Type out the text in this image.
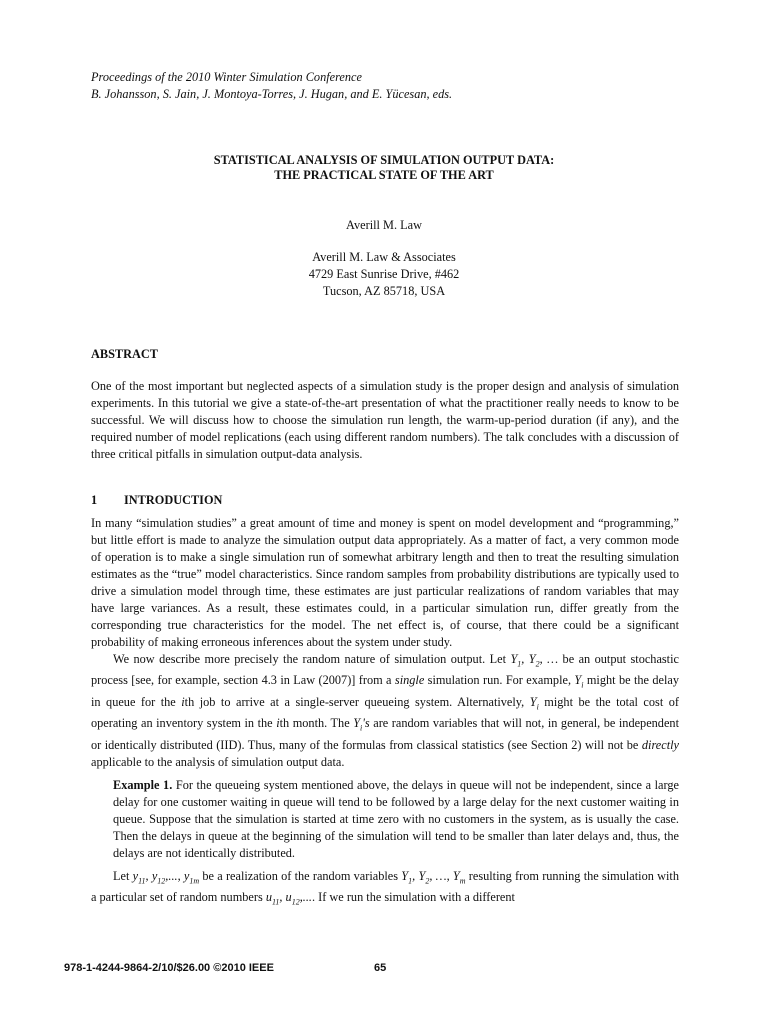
Proceedings of the 2010 Winter Simulation Conference
B. Johansson, S. Jain, J. Montoya-Torres, J. Hugan, and E. Yücesan, eds.
STATISTICAL ANALYSIS OF SIMULATION OUTPUT DATA:
THE PRACTICAL STATE OF THE ART
Averill M. Law
Averill M. Law & Associates
4729 East Sunrise Drive, #462
Tucson, AZ 85718, USA
ABSTRACT
One of the most important but neglected aspects of a simulation study is the proper design and analysis of simulation experiments. In this tutorial we give a state-of-the-art presentation of what the practitioner really needs to know to be successful. We will discuss how to choose the simulation run length, the warm-up-period duration (if any), and the required number of model replications (each using different random numbers). The talk concludes with a discussion of three critical pitfalls in simulation output-data analysis.
1 INTRODUCTION

In many “simulation studies” a great amount of time and money is spent on model development and “programming,” but little effort is made to analyze the simulation output data appropriately. As a matter of fact, a very common mode of operation is to make a single simulation run of somewhat arbitrary length and then to treat the resulting simulation estimates as the “true” model characteristics. Since random samples from probability distributions are typically used to drive a simulation model through time, these estimates are just particular realizations of random variables that may have large variances. As a result, these estimates could, in a particular simulation run, differ greatly from the corresponding true characteristics for the model. The net effect is, of course, that there could be a significant probability of making erroneous inferences about the system under study.

We now describe more precisely the random nature of simulation output. Let $Y_1$, $Y_2$, … be an output stochastic process [see, for example, section 4.3 in Law (2007)] from a single simulation run. For example, $Y_i$ might be the delay in queue for the ith job to arrive at a single-server queueing system. Alternatively, $Y_i$ might be the total cost of operating an inventory system in the ith month. The $Y_i's$ are random variables that will not, in general, be independent or identically distributed (IID). Thus, many of the formulas from classical statistics (see Section 2) will not be directly applicable to the analysis of simulation output data.

Example 1. For the queueing system mentioned above, the delays in queue will not be independent, since a large delay for one customer waiting in queue will tend to be followed by a large delay for the next customer waiting in queue. Suppose that the simulation is started at time zero with no customers in the system, as is usually the case. Then the delays in queue at the beginning of the simulation will tend to be smaller than later delays and, thus, the delays are not identically distributed.

Let $y_{11}$, $y_{12}$,..., $y_{1m}$ be a realization of the random variables $Y_1$, $Y_2$, …, $Y_m$ resulting from running the simulation with a particular set of random numbers $u_{11}$, $u_{12}$,.... If we run the simulation with a different

978-1-4244-9864-2/10/$26.00 ©2010 IEEE	65
